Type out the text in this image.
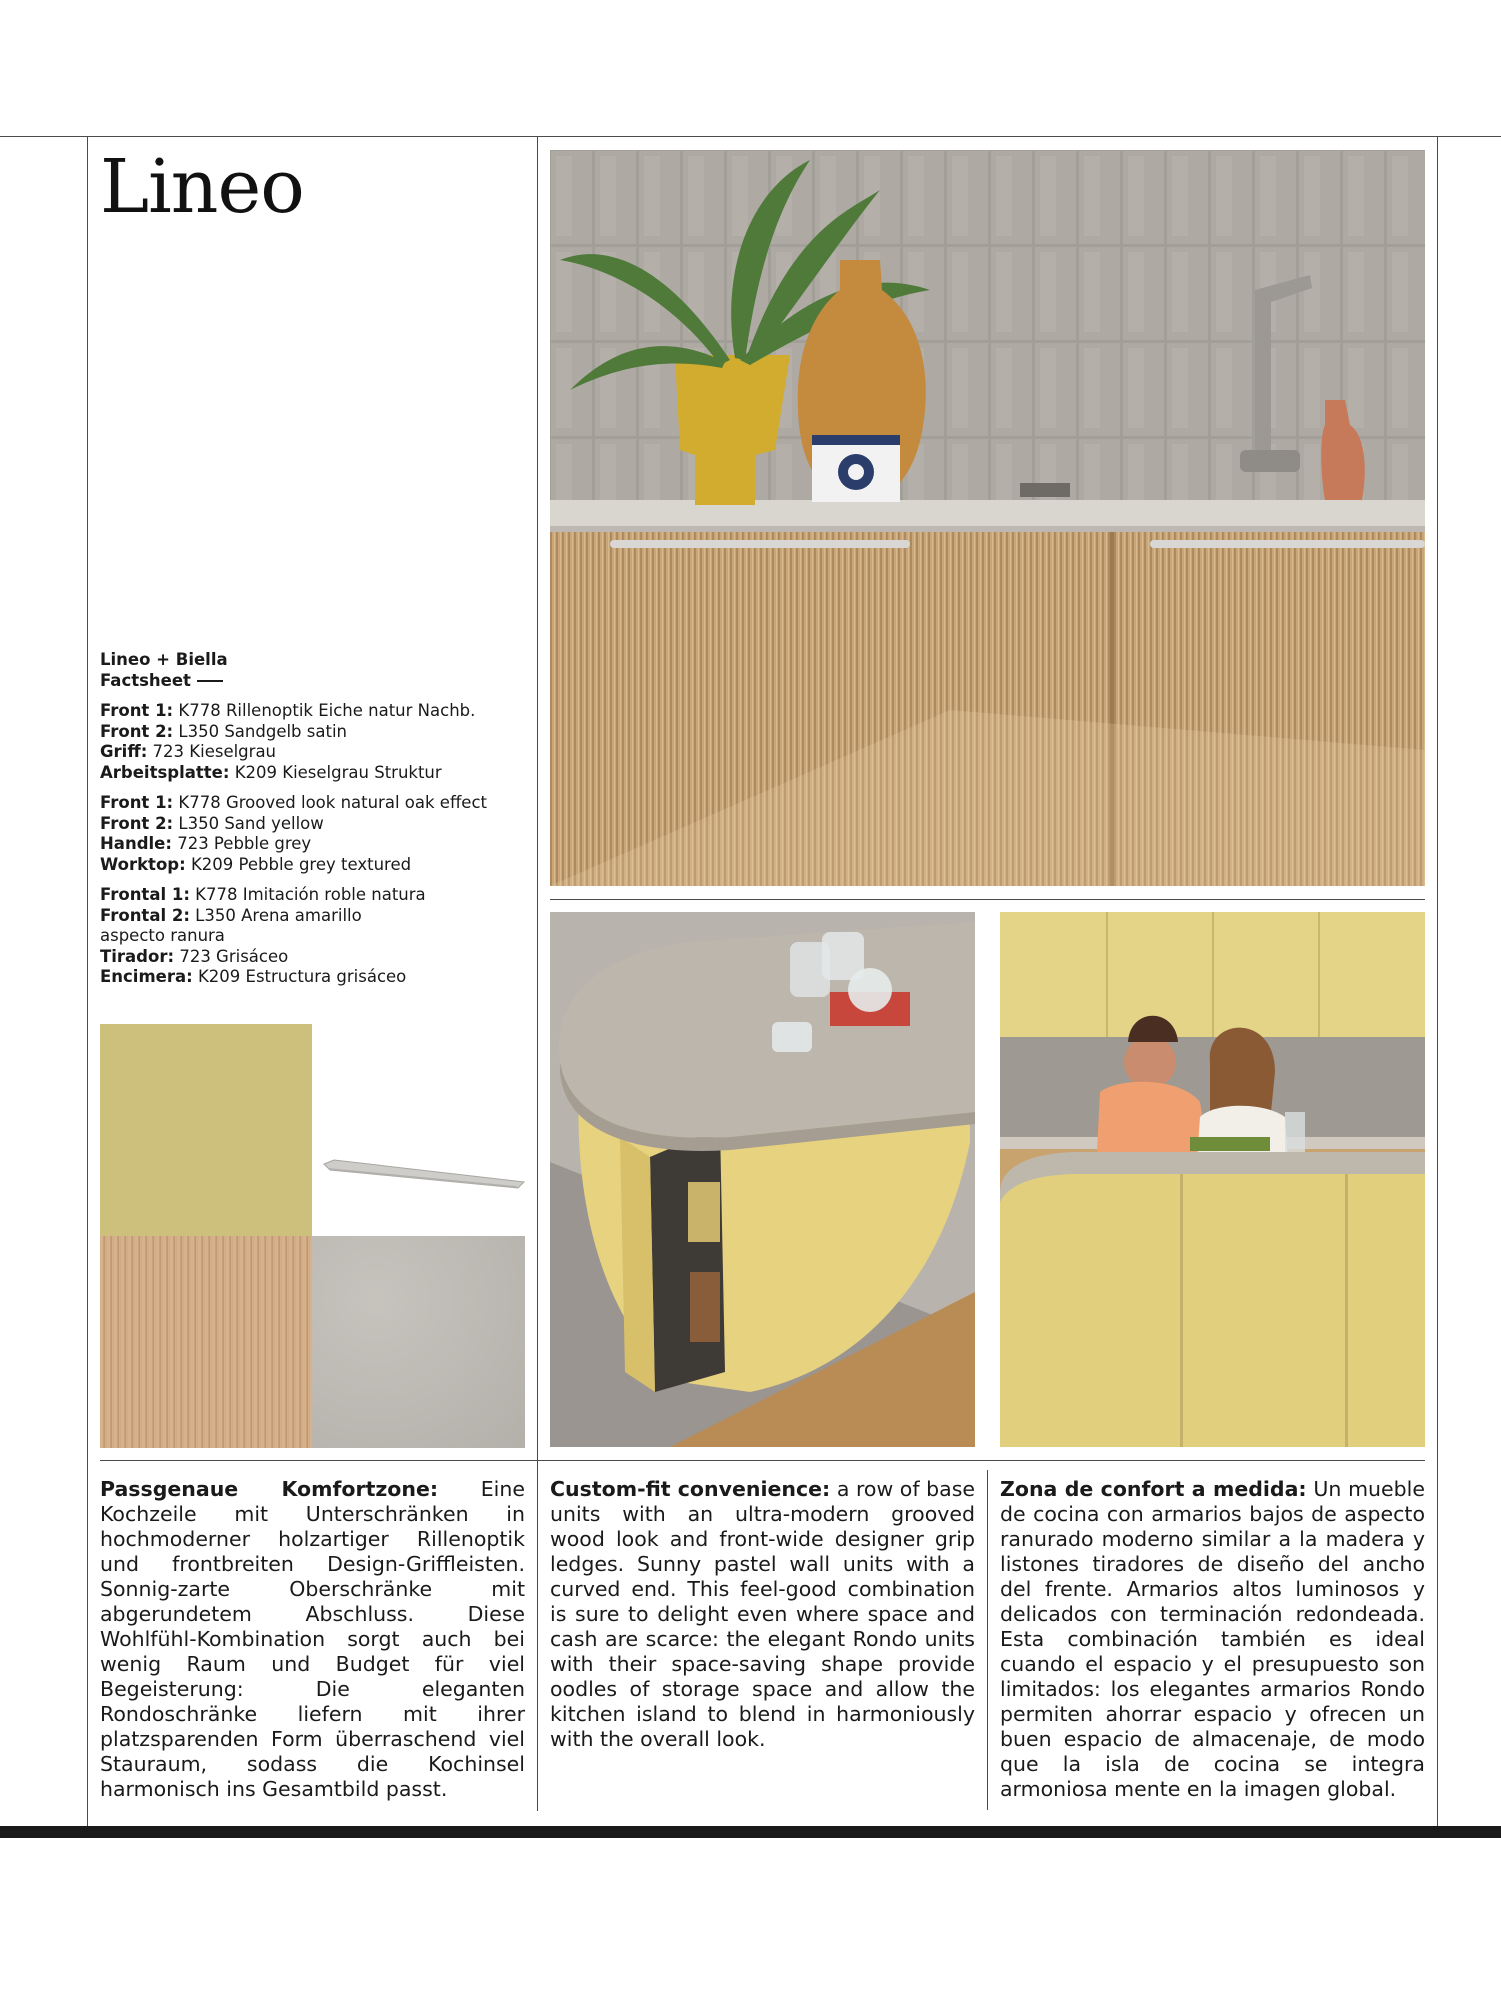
Lineo
Lineo + Biella
Factsheet
Front 1: K778 Rillenoptik Eiche natur Nachb.
Front 2: L350 Sandgelb satin
Griff: 723 Kieselgrau
Arbeitsplatte: K209 Kieselgrau Struktur
Front 1: K778 Grooved look natural oak effect
Front 2: L350 Sand yellow
Handle: 723 Pebble grey
Worktop: K209 Pebble grey textured
Frontal 1: K778 Imitación roble natura
Frontal 2: L350 Arena amarillo
aspecto ranura
Tirador: 723 Grisáceo
Encimera: K209 Estructura grisáceo
Passgenaue Komfortzone: Eine Kochzeile mit Unterschränken in hochmoderner holzartiger Rillenoptik und frontbreiten Design-Griffleisten. Sonnig-zarte Oberschränke mit abgerundetem Abschluss. Diese Wohlfühl-Kombination sorgt auch bei wenig Raum und Budget für viel Begeisterung: Die eleganten Rondoschränke liefern mit ihrer platzsparenden Form überraschend viel Stauraum, sodass die Kochinsel harmonisch ins Gesamtbild passt.
Custom-fit convenience: a row of base units with an ultra-modern grooved wood look and front-wide designer grip ledges. Sunny pastel wall units with a curved end. This feel-good combination is sure to delight even where space and cash are scarce: the elegant Rondo units with their space-saving shape provide oodles of storage space and allow the kitchen island to blend in harmoniously with the overall look.
Zona de confort a medida: Un mueble de cocina con armarios bajos de aspecto ranurado moderno similar a la madera y listones tiradores de diseño del ancho del frente. Armarios altos luminosos y delicados con terminación redondeada. Esta combinación también es ideal cuando el espacio y el presupuesto son limitados: los elegantes armarios Rondo permiten ahorrar espacio y ofrecen un buen espacio de almacenaje, de modo que la isla de cocina se integra armoniosa mente en la imagen global.
